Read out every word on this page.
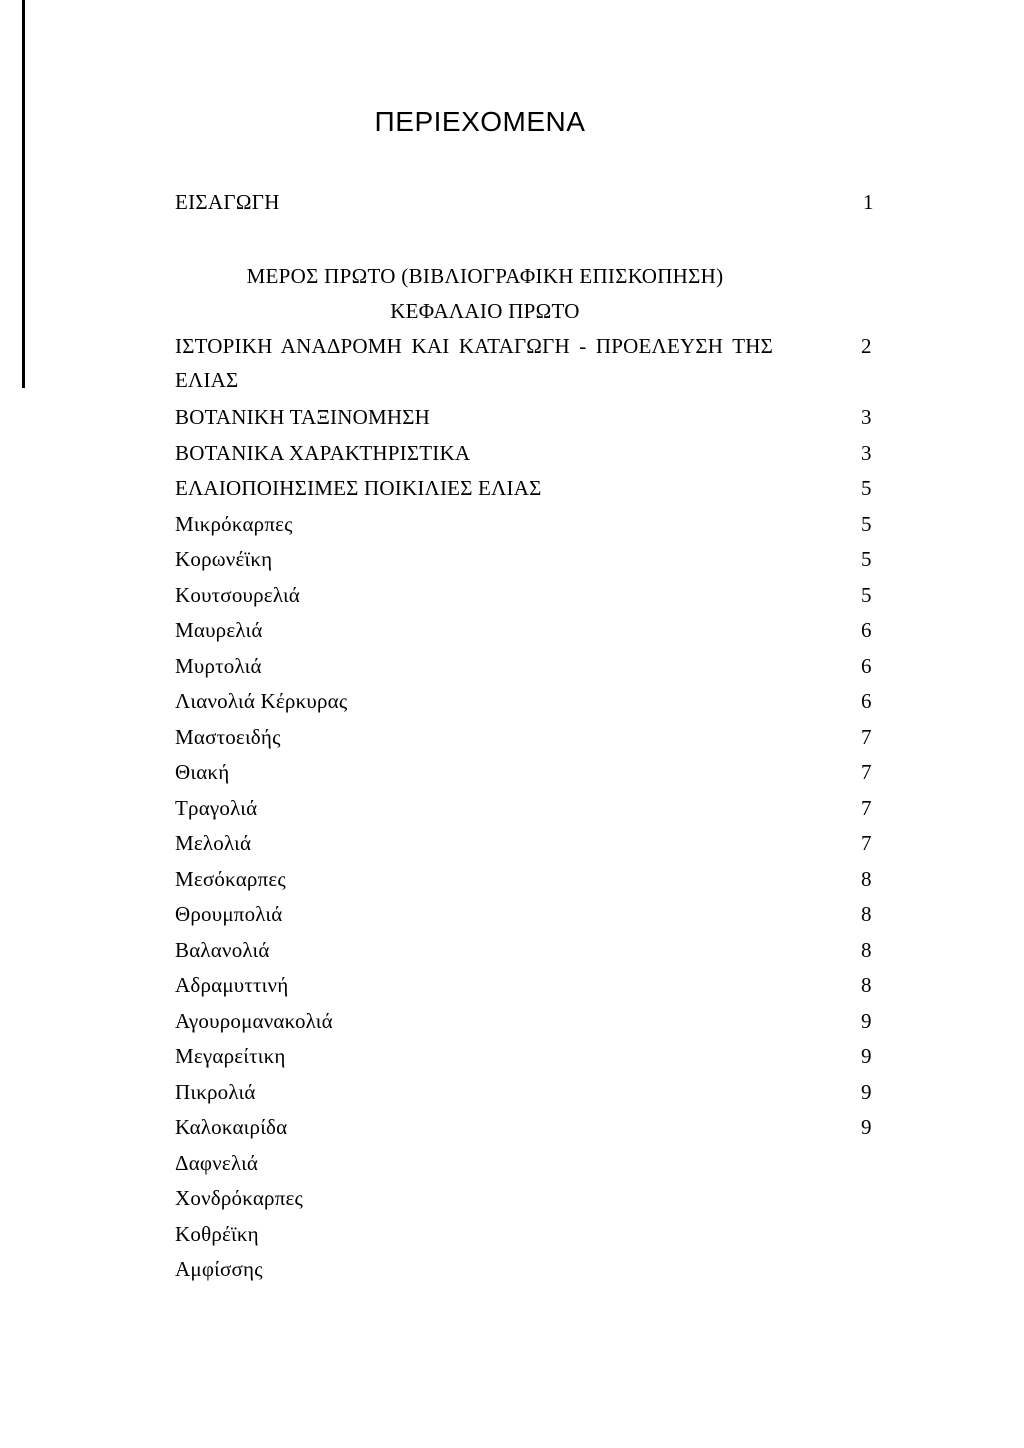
ΠΕΡΙΕΧΟΜΕΝΑ
ΕΙΣΑΓΩΓΗ	1
ΜΕΡΟΣ ΠΡΩΤΟ (ΒΙΒΛΙΟΓΡΑΦΙΚΗ ΕΠΙΣΚΟΠΗΣΗ)
ΚΕΦΑΛΑΙΟ ΠΡΩΤΟ
ΙΣΤΟΡΙΚΗ ΑΝΑΔΡΟΜΗ ΚΑΙ ΚΑΤΑΓΩΓΗ - ΠΡΟΕΛΕΥΣΗ ΤΗΣ	2
ΕΛΙΑΣ
ΒΟΤΑΝΙΚΗ ΤΑΞΙΝΟΜΗΣΗ	3
ΒΟΤΑΝΙΚΑ ΧΑΡΑΚΤΗΡΙΣΤΙΚΑ	3
ΕΛΑΙΟΠΟΙΗΣΙΜΕΣ ΠΟΙΚΙΛΙΕΣ ΕΛΙΑΣ	5
Μικρόκαρπες	5
Κορωνέϊκη	5
Κουτσουρελιά	5
Μαυρελιά	6
Μυρτολιά	6
Λιανολιά Κέρκυρας	6
Μαστοειδής	7
Θιακή	7
Τραγολιά	7
Μελολιά	7
Μεσόκαρπες	8
Θρουμπολιά	8
Βαλανολιά	8
Αδραμυττινή	8
Αγουρομανακολιά	9
Μεγαρείτικη	9
Πικρολιά	9
Καλοκαιρίδα	9
Δαφνελιά
Χονδρόκαρπες
Κοθρέϊκη
Αμφίσσης
